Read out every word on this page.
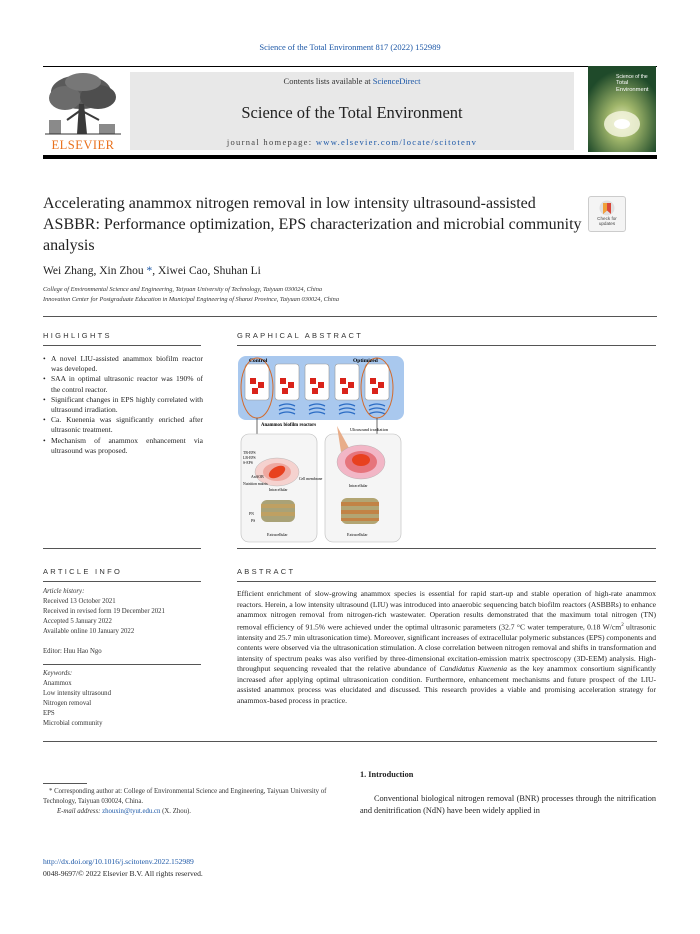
Science of the Total Environment 817 (2022) 152989
ELSEVIER
Contents lists available at ScienceDirect
Science of the Total Environment
journal homepage: www.elsevier.com/locate/scitotenv
Science of the
Total Environment
Accelerating anammox nitrogen removal in low intensity ultrasound-assisted ASBBR: Performance optimization, EPS characterization and microbial community analysis
Check for updates
Wei Zhang, Xin Zhou *, Xiwei Cao, Shuhan Li
College of Environmental Science and Engineering, Taiyuan University of Technology, Taiyuan 030024, China
Innovation Center for Postgraduate Education in Municipal Engineering of Shanxi Province, Taiyuan 030024, China
HIGHLIGHTS
• A novel LIU-assisted anammox biofilm reactor was developed.
• SAA in optimal ultrasonic reactor was 190% of the control reactor.
• Significant changes in EPS highly correlated with ultrasound irradiation.
• Ca. Kuenenia was significantly enriched after ultrasonic treatment.
• Mechanism of anammox enhancement via ultrasound was proposed.
GRAPHICAL ABSTRACT
Control	Optimized
Anammox biofilm reactors
Ultrasound irradiation
TB-EPS
LB-EPS
S-EPS
AnAOB
Nutrition matrix
Cell membrane
Intracellular
Intracellular
PN
PS
Extracellular	Extracellular
ARTICLE INFO
Article history:
Received 13 October 2021
Received in revised form 19 December 2021
Accepted 5 January 2022
Available online 10 January 2022
Editor: Huu Hao Ngo
Keywords:
Anammox
Low intensity ultrasound
Nitrogen removal
EPS
Microbial community
ABSTRACT
Efficient enrichment of slow-growing anammox species is essential for rapid start-up and stable operation of high-rate anammox reactors. Herein, a low intensity ultrasound (LIU) was introduced into anaerobic sequencing batch biofilm reactors (ASBBRs) to enhance anammox nitrogen removal from nitrogen-rich wastewater. Operation results demonstrated that the maximum total nitrogen (TN) removal efficiency of 91.5% were achieved under the optimal ultrasonic parameters (32.7 °C water temperature, 0.18 $W/cm^2$ ultrasonic intensity and 25.7 min ultrasonication time). Moreover, significant increases of extracellular polymeric substances (EPS) components and contents were observed via the ultrasonication stimulation. A close correlation between nitrogen removal and shifts in transformation and intensity of spectrum peaks was also verified by three-dimensional excitation-emission matrix spectroscopy (3D-EEM) analysis. High-throughput sequencing revealed that the relative abundance of Candidatus Kuenenia as the key anammox consortium significantly increased after applying optimal ultrasonication condition. Furthermore, enhancement mechanisms and future prospect of the LIU-assisted anammox process was elucidated and discussed. This research provides a viable and promising acceleration strategy for anammox-based process in practice.
* Corresponding author at: College of Environmental Science and Engineering, Taiyuan University of Technology, Taiyuan 030024, China.
E-mail address: zhouxin@tyut.edu.cn (X. Zhou).
1. Introduction
Conventional biological nitrogen removal (BNR) processes through the nitrification and denitrification (NdN) have been widely applied in
http://dx.doi.org/10.1016/j.scitotenv.2022.152989
0048-9697/© 2022 Elsevier B.V. All rights reserved.
